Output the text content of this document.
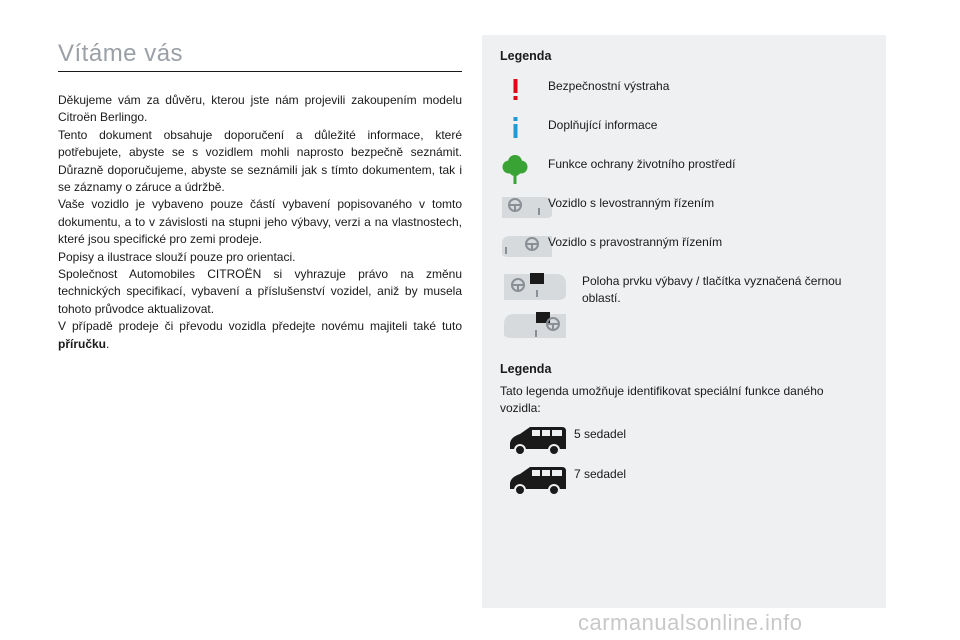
Vítáme vás

Děkujeme vám za důvěru, kterou jste nám projevili zakoupením modelu Citroën Berlingo.

Tento dokument obsahuje doporučení a důležité informace, které potřebujete, abyste se s vozidlem mohli naprosto bezpečně seznámit. Důrazně doporučujeme, abyste se seznámili jak s tímto dokumentem, tak i se záznamy o záruce a údržbě.

Vaše vozidlo je vybaveno pouze částí vybavení popisovaného v tomto dokumentu, a to v závislosti na stupni jeho výbavy, verzi a na vlastnostech, které jsou specifické pro zemi prodeje.

Popisy a ilustrace slouží pouze pro orientaci.

Společnost Automobiles CITROËN si vyhrazuje právo na změnu technických specifikací, vybavení a příslušenství vozidel, aniž by musela tohoto průvodce aktualizovat.

V případě prodeje či převodu vozidla předejte novému majiteli také tuto příručku.

Legenda
Bezpečnostní výstraha
Doplňující informace
Funkce ochrany životního prostředí
Vozidlo s levostranným řízením
Vozidlo s pravostranným řízením
Poloha prvku výbavy / tlačítka vyznačená černou oblastí.
Legenda
Tato legenda umožňuje identifikovat speciální funkce daného vozidla:
5 sedadel
7 sedadel
carmanualsonline.info
